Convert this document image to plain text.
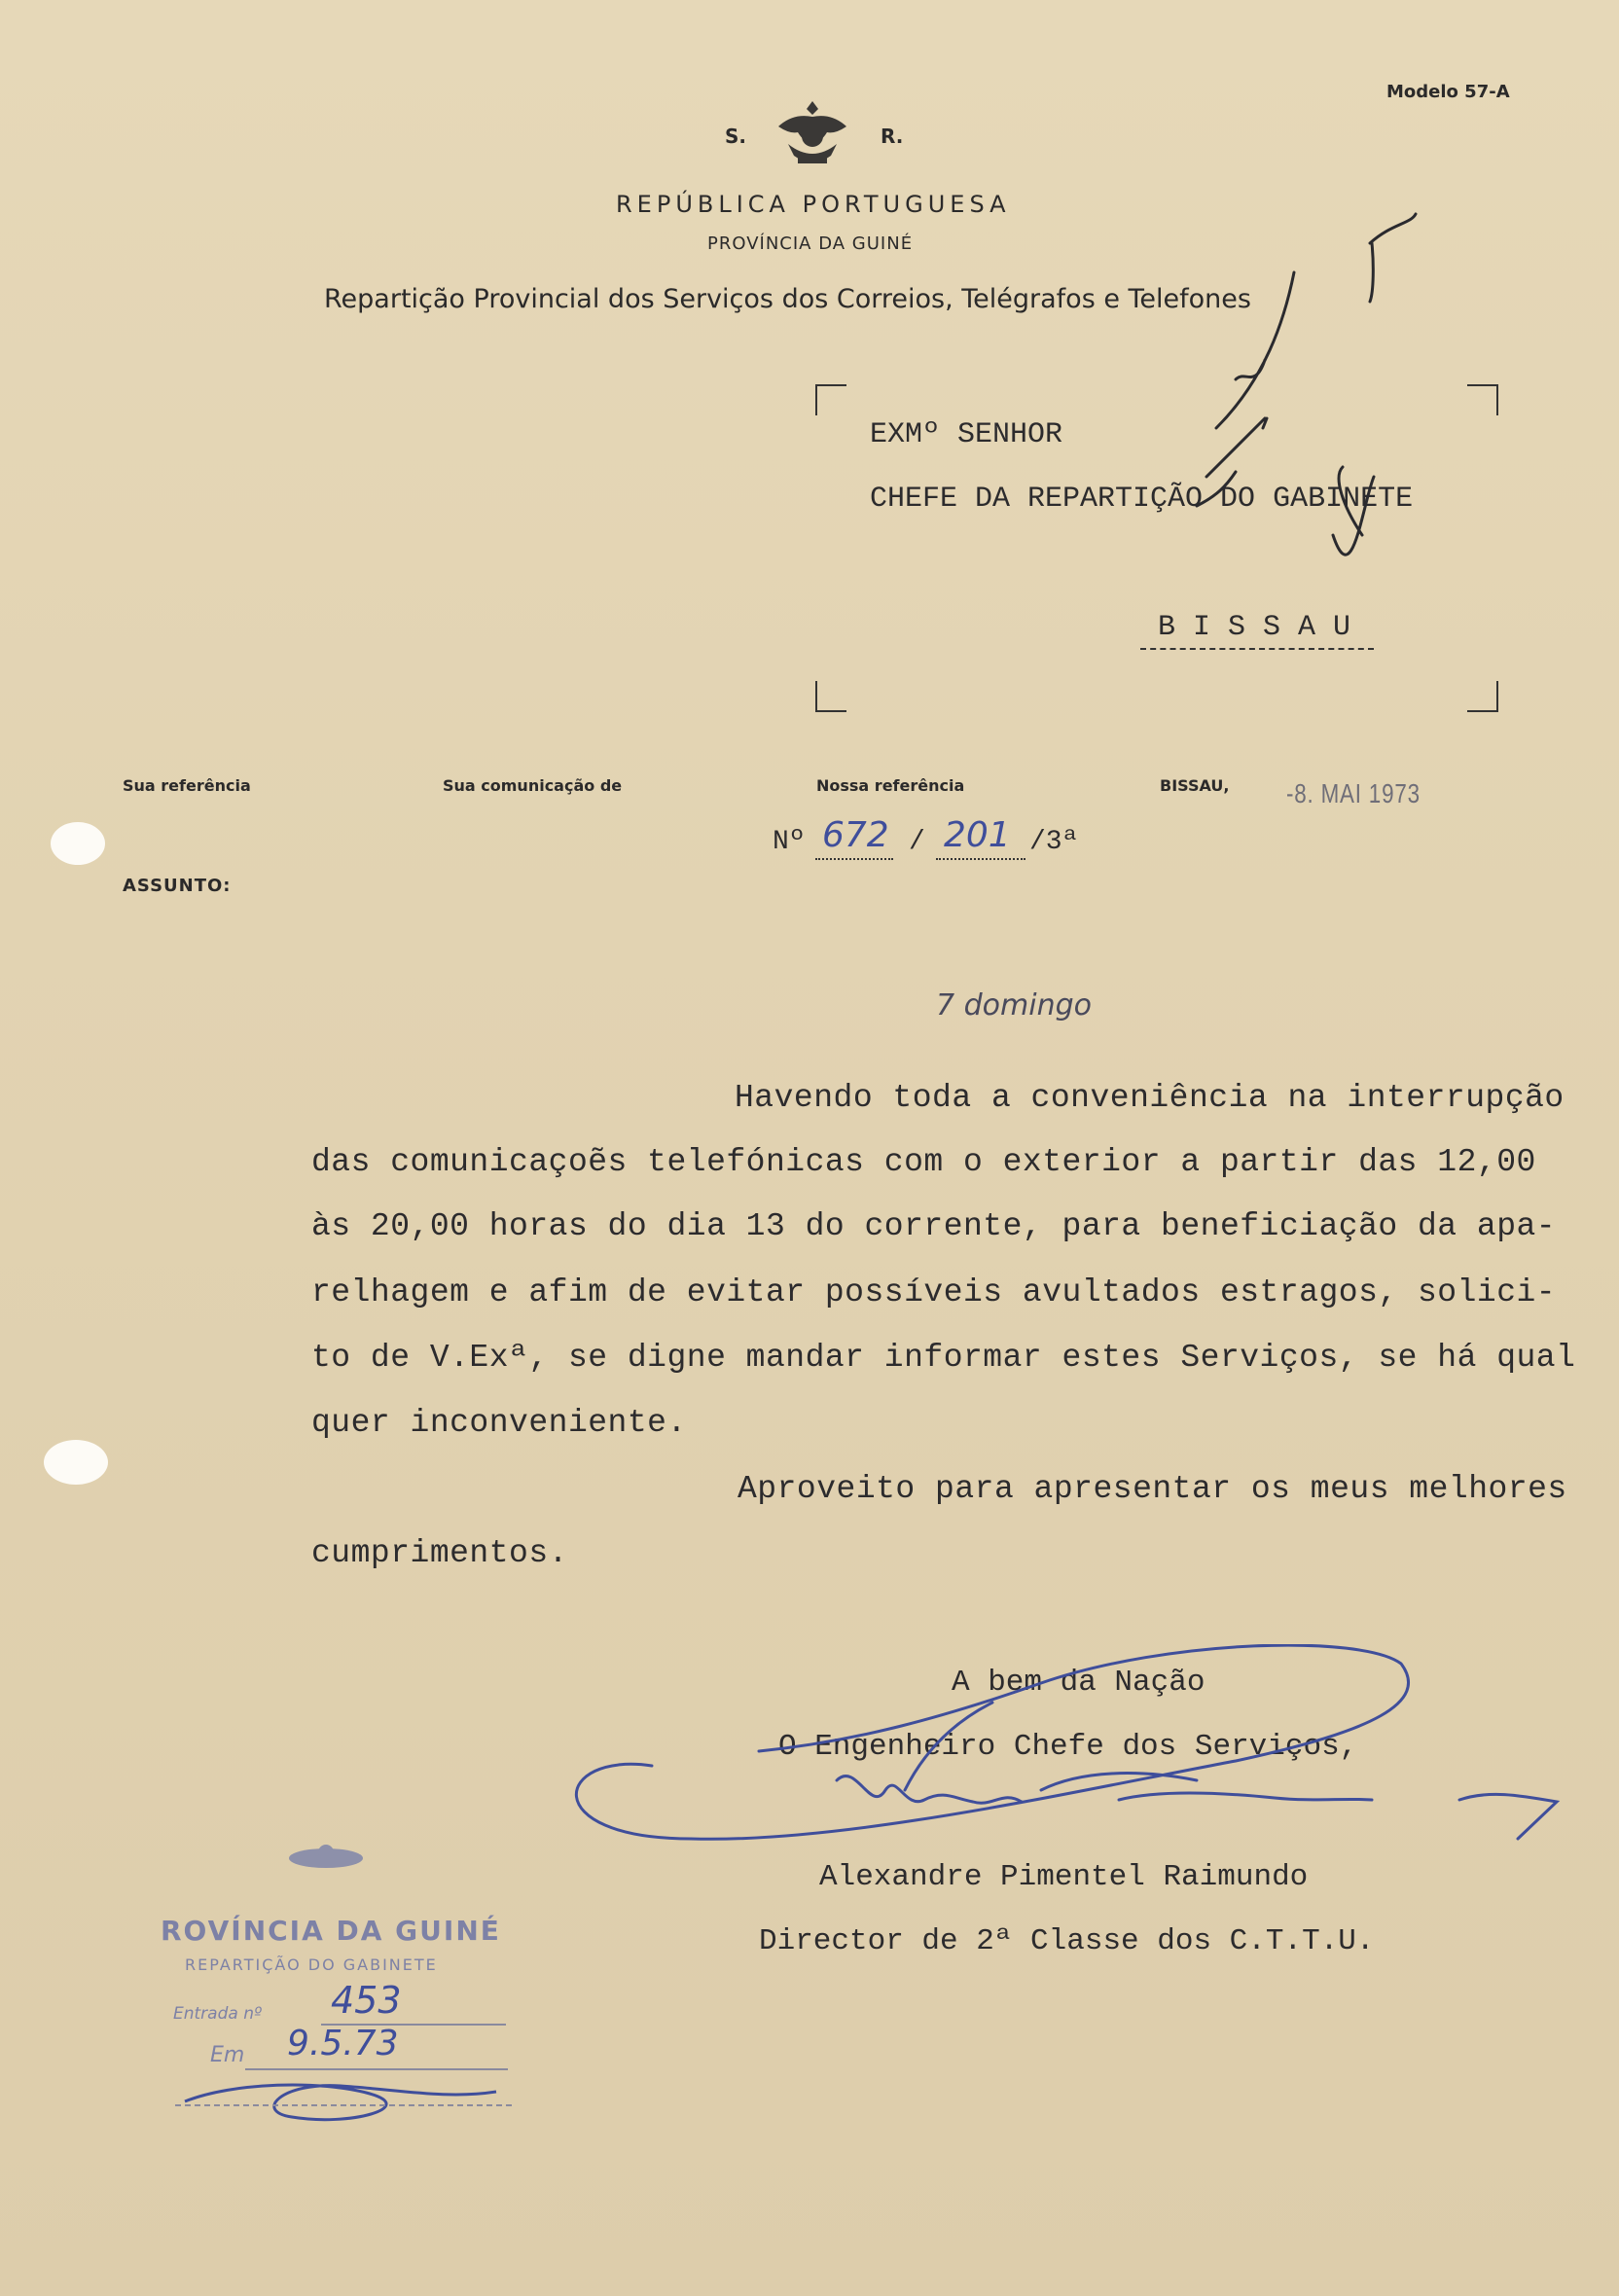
Modelo 57-A
S.	R.
REPÚBLICA PORTUGUESA
PROVÍNCIA DA GUINÉ
Repartição Provincial dos Serviços dos Correios, Telégrafos e Telefones
EXMº SENHOR
CHEFE DA REPARTIÇÃO DO GABINETE
B I S S A U
Sua referência	Sua comunicação de	Nossa referência	BISSAU, -8. MAI 1973
Nº 672 / 201 /3ª
ASSUNTO:
7 domingo
Havendo toda a conveniência na interrupção
das comunicaçoẽs telefónicas com o exterior a partir das 12,00
às 20,00 horas do dia 13 do corrente, para beneficiação da apa-
relhagem e afim de evitar possíveis avultados estragos, solici-
to de V.Exª, se digne mandar informar estes Serviços, se há qual
quer inconveniente.
Aproveito para apresentar os meus melhores
cumprimentos.
A bem da Nação
O Engenheiro Chefe dos Serviços,
Alexandre Pimentel Raimundo
Director de 2ª Classe dos C.T.T.U.
ROVÍNCIA DA GUINÉ
REPARTIÇÃO DO GABINETE
Entrada nº 453
Em 9.5.73
